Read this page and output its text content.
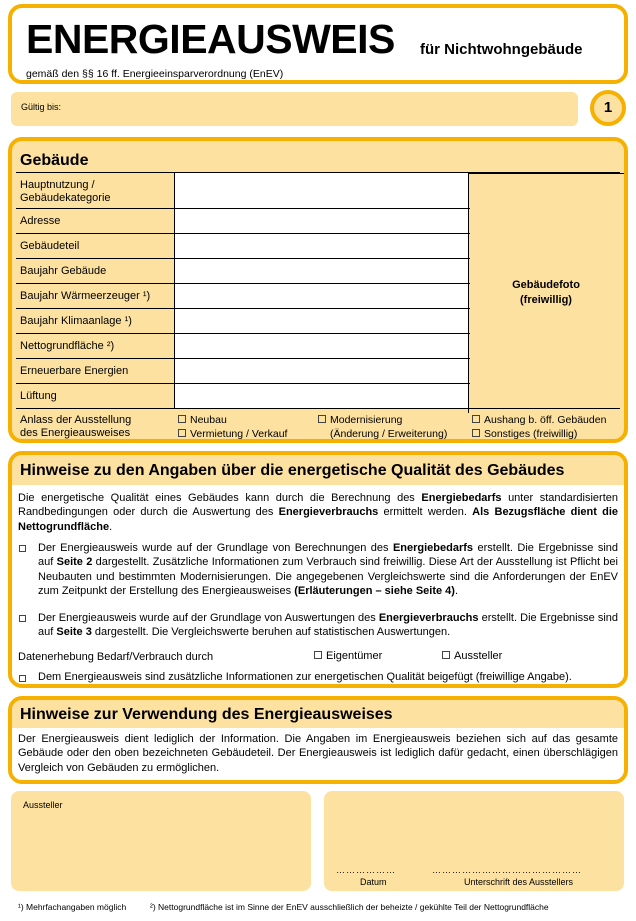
ENERGIEAUSWEIS für Nichtwohngebäude
gemäß den §§ 16 ff. Energieeinsparverordnung (EnEV)
Gültig bis:	1
Gebäude
Hauptnutzung /
Gebäudekategorie
Adresse
Gebäudeteil
Baujahr Gebäude
Baujahr Wärmeerzeuger ¹)
Baujahr Klimaanlage ¹)
Nettogrundfläche ²)
Erneuerbare Energien
Lüftung
Gebäudefoto
(freiwillig)
Anlass der Ausstellung
des Energieausweises
Neubau
Vermietung / Verkauf
Modernisierung
(Änderung / Erweiterung)
Aushang b. öff. Gebäuden
Sonstiges (freiwillig)
Hinweise zu den Angaben über die energetische Qualität des Gebäudes
Die energetische Qualität eines Gebäudes kann durch die Berechnung des Energiebedarfs unter standardisierten Randbedingungen oder durch die Auswertung des Energieverbrauchs ermittelt werden. Als Bezugsfläche dient die Nettogrundfläche.
Der Energieausweis wurde auf der Grundlage von Berechnungen des Energiebedarfs erstellt. Die Ergebnisse sind auf Seite 2 dargestellt. Zusätzliche Informationen zum Verbrauch sind freiwillig. Diese Art der Ausstellung ist Pflicht bei Neubauten und bestimmten Modernisierungen. Die angegebenen Vergleichswerte sind die Anforderungen der EnEV zum Zeitpunkt der Erstellung des Energieausweises (Erläuterungen – siehe Seite 4).
Der Energieausweis wurde auf der Grundlage von Auswertungen des Energieverbrauchs erstellt. Die Ergebnisse sind auf Seite 3 dargestellt. Die Vergleichswerte beruhen auf statistischen Auswertungen.
Datenerhebung Bedarf/Verbrauch durch	Eigentümer	Aussteller
Dem Energieausweis sind zusätzliche Informationen zur energetischen Qualität beigefügt (freiwillige Angabe).
Hinweise zur Verwendung des Energieausweises
Der Energieausweis dient lediglich der Information. Die Angaben im Energieausweis beziehen sich auf das gesamte Gebäude oder den oben bezeichneten Gebäudeteil. Der Energieausweis ist lediglich dafür gedacht, einen überschlägigen Vergleich von Gebäuden zu ermöglichen.
Aussteller
………………	………………………………………
Datum	Unterschrift des Ausstellers
¹) Mehrfachangaben möglich	²) Nettogrundfläche ist im Sinne der EnEV ausschließlich der beheizte / gekühlte Teil der Nettogrundfläche
